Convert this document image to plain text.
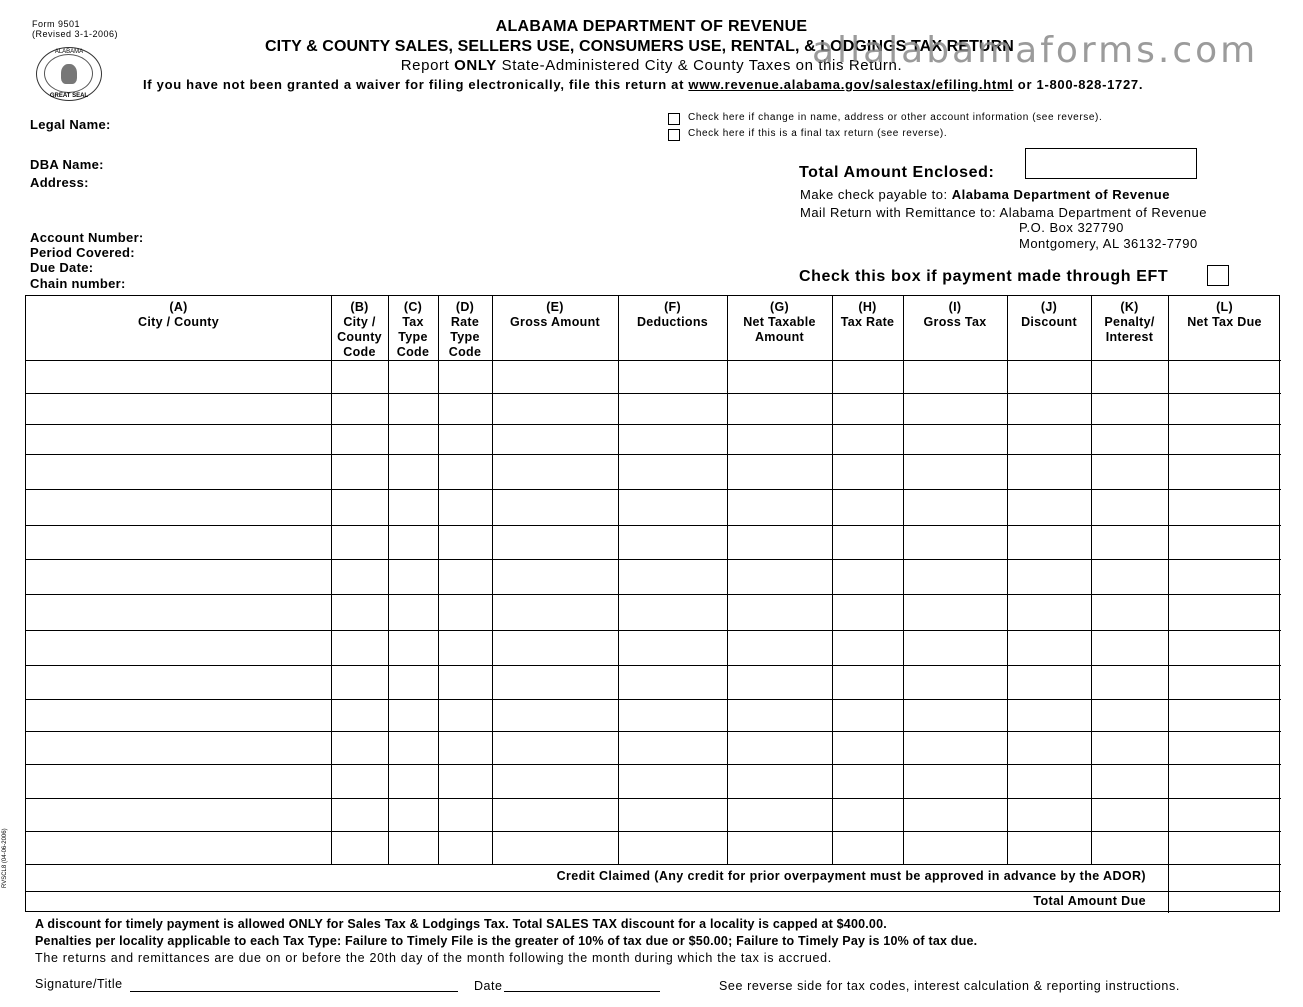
Form 9501
(Revised 3-1-2006)
ALABAMA
GREAT SEAL
ALABAMA DEPARTMENT OF REVENUE
CITY & COUNTY SALES, SELLERS USE, CONSUMERS USE, RENTAL, & LODGINGS TAX RETURN
Report ONLY State-Administered City & County Taxes on this Return.
If you have not been granted a waiver for filing electronically, file this return at www.revenue.alabama.gov/salestax/efiling.html or 1-800-828-1727.
allalabamaforms.com
Legal Name:
DBA Name:
Address:
Account Number:
Period Covered:
Due Date:
Chain number:
Check here if change in name, address or other account information (see reverse).
Check here if this is a final tax return (see reverse).
Total Amount Enclosed:
Make check payable to: Alabama Department of Revenue
Mail Return with Remittance to: Alabama Department of Revenue
P.O. Box 327790
Montgomery, AL 36132-7790
Check this box if payment made through EFT
(A)
City / County
(B)
City / County Code
(C)
Tax Type Code
(D)
Rate Type Code
(E)
Gross Amount
(F)
Deductions
(G)
Net Taxable Amount
(H)
Tax Rate
(I)
Gross Tax
(J)
Discount
(K)
Penalty/ Interest
(L)
Net Tax Due
Credit Claimed (Any credit for prior overpayment must be approved in advance by the ADOR)
Total Amount Due
RVSCL8 (04-06-2006)
A discount for timely payment is allowed ONLY for Sales Tax & Lodgings Tax. Total SALES TAX discount for a locality is capped at $400.00.
Penalties per locality applicable to each Tax Type: Failure to Timely File is the greater of 10% of tax due or $50.00; Failure to Timely Pay is 10% of tax due.
The returns and remittances are due on or before the 20th day of the month following the month during which the tax is accrued.
Signature/Title	Date	See reverse side for tax codes, interest calculation & reporting instructions.
